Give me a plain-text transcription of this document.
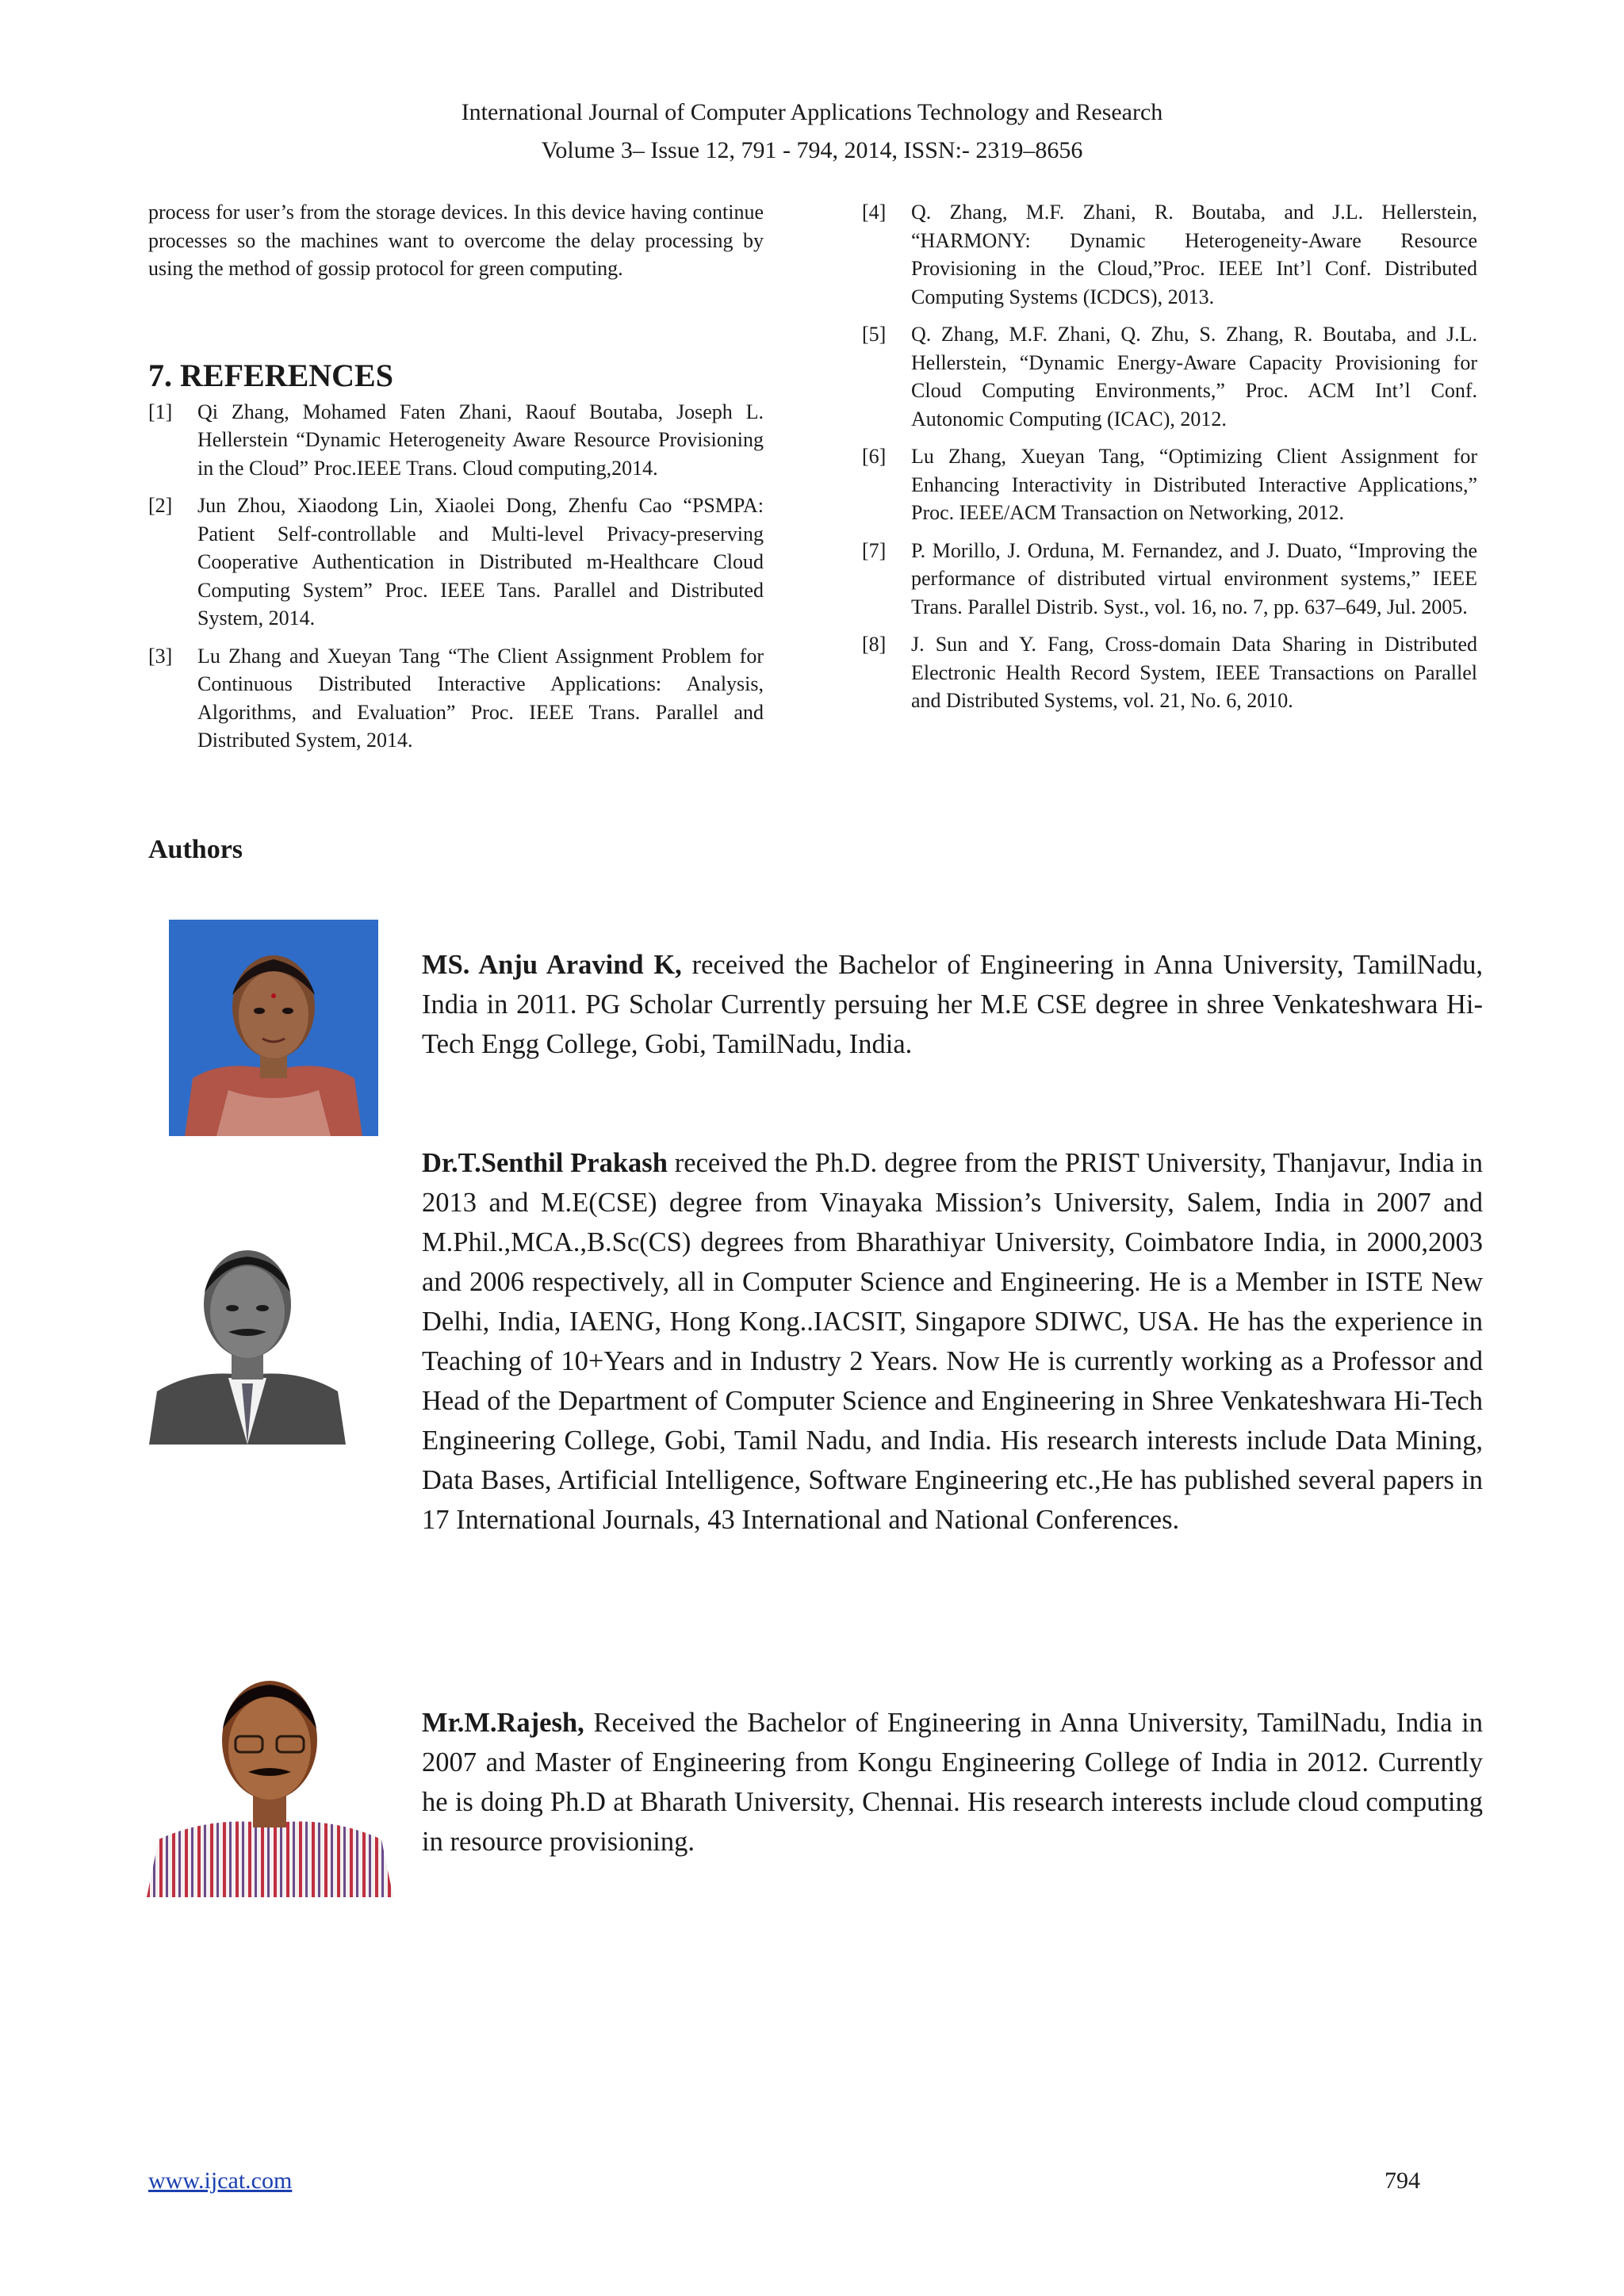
International Journal of Computer Applications Technology and Research
Volume 3– Issue 12, 791 - 794, 2014, ISSN:- 2319–8656

process for user’s from the storage devices. In this device having continue processes so the machines want to overcome the delay processing by using the method of gossip protocol for green computing.

7. REFERENCES
[1]	Qi Zhang, Mohamed Faten Zhani, Raouf Boutaba, Joseph L. Hellerstein “Dynamic Heterogeneity Aware Resource Provisioning in the Cloud” Proc.IEEE Trans. Cloud computing,2014.
[2]	Jun Zhou, Xiaodong Lin, Xiaolei Dong, Zhenfu Cao “PSMPA: Patient Self-controllable and Multi-level Privacy-preserving Cooperative Authentication in Distributed m-Healthcare Cloud Computing System” Proc. IEEE Tans. Parallel and Distributed System, 2014.
[3]	Lu Zhang and Xueyan Tang “The Client Assignment Problem for Continuous Distributed Interactive Applications: Analysis, Algorithms, and Evaluation” Proc. IEEE Trans. Parallel and Distributed System, 2014.
[4]	Q. Zhang, M.F. Zhani, R. Boutaba, and J.L. Hellerstein, “HARMONY: Dynamic Heterogeneity-Aware Resource Provisioning in the Cloud,”Proc. IEEE Int’l Conf. Distributed Computing Systems (ICDCS), 2013.
[5]	Q. Zhang, M.F. Zhani, Q. Zhu, S. Zhang, R. Boutaba, and J.L. Hellerstein, “Dynamic Energy-Aware Capacity Provisioning for Cloud Computing Environments,” Proc. ACM Int’l Conf. Autonomic Computing (ICAC), 2012.
[6]	Lu Zhang, Xueyan Tang, “Optimizing Client Assignment for Enhancing Interactivity in Distributed Interactive Applications,” Proc. IEEE/ACM Transaction on Networking, 2012.
[7]	P. Morillo, J. Orduna, M. Fernandez, and J. Duato, “Improving the performance of distributed virtual environment systems,” IEEE Trans. Parallel Distrib. Syst., vol. 16, no. 7, pp. 637–649, Jul. 2005.
[8]	J. Sun and Y. Fang, Cross-domain Data Sharing in Distributed Electronic Health Record System, IEEE Transactions on Parallel and Distributed Systems, vol. 21, No. 6, 2010.
Authors
MS. Anju Aravind K, received the Bachelor of Engineering in Anna University, TamilNadu, India in 2011. PG Scholar Currently persuing her M.E CSE degree in shree Venkateshwara Hi-Tech Engg College, Gobi, TamilNadu, India.
Dr.T.Senthil Prakash received the Ph.D. degree from the PRIST University, Thanjavur, India in 2013 and M.E(CSE) degree from Vinayaka Mission’s University, Salem, India in 2007 and M.Phil.,MCA.,B.Sc(CS) degrees from Bharathiyar University, Coimbatore India, in 2000,2003 and 2006 respectively, all in Computer Science and Engineering. He is a Member in ISTE New Delhi, India, IAENG, Hong Kong..IACSIT, Singapore SDIWC, USA. He has the experience in Teaching of 10+Years and in Industry 2 Years. Now He is currently working as a Professor and Head of the Department of Computer Science and Engineering in Shree Venkateshwara Hi-Tech Engineering College, Gobi, Tamil Nadu, and India. His research interests include Data Mining, Data Bases, Artificial Intelligence, Software Engineering etc.,He has published several papers in 17 International Journals, 43 International and National Conferences.
Mr.M.Rajesh, Received the Bachelor of Engineering in Anna University, TamilNadu, India in 2007 and Master of Engineering from Kongu Engineering College of India in 2012. Currently he is doing Ph.D at Bharath University, Chennai. His research interests include cloud computing in resource provisioning.
www.ijcat.com	794
